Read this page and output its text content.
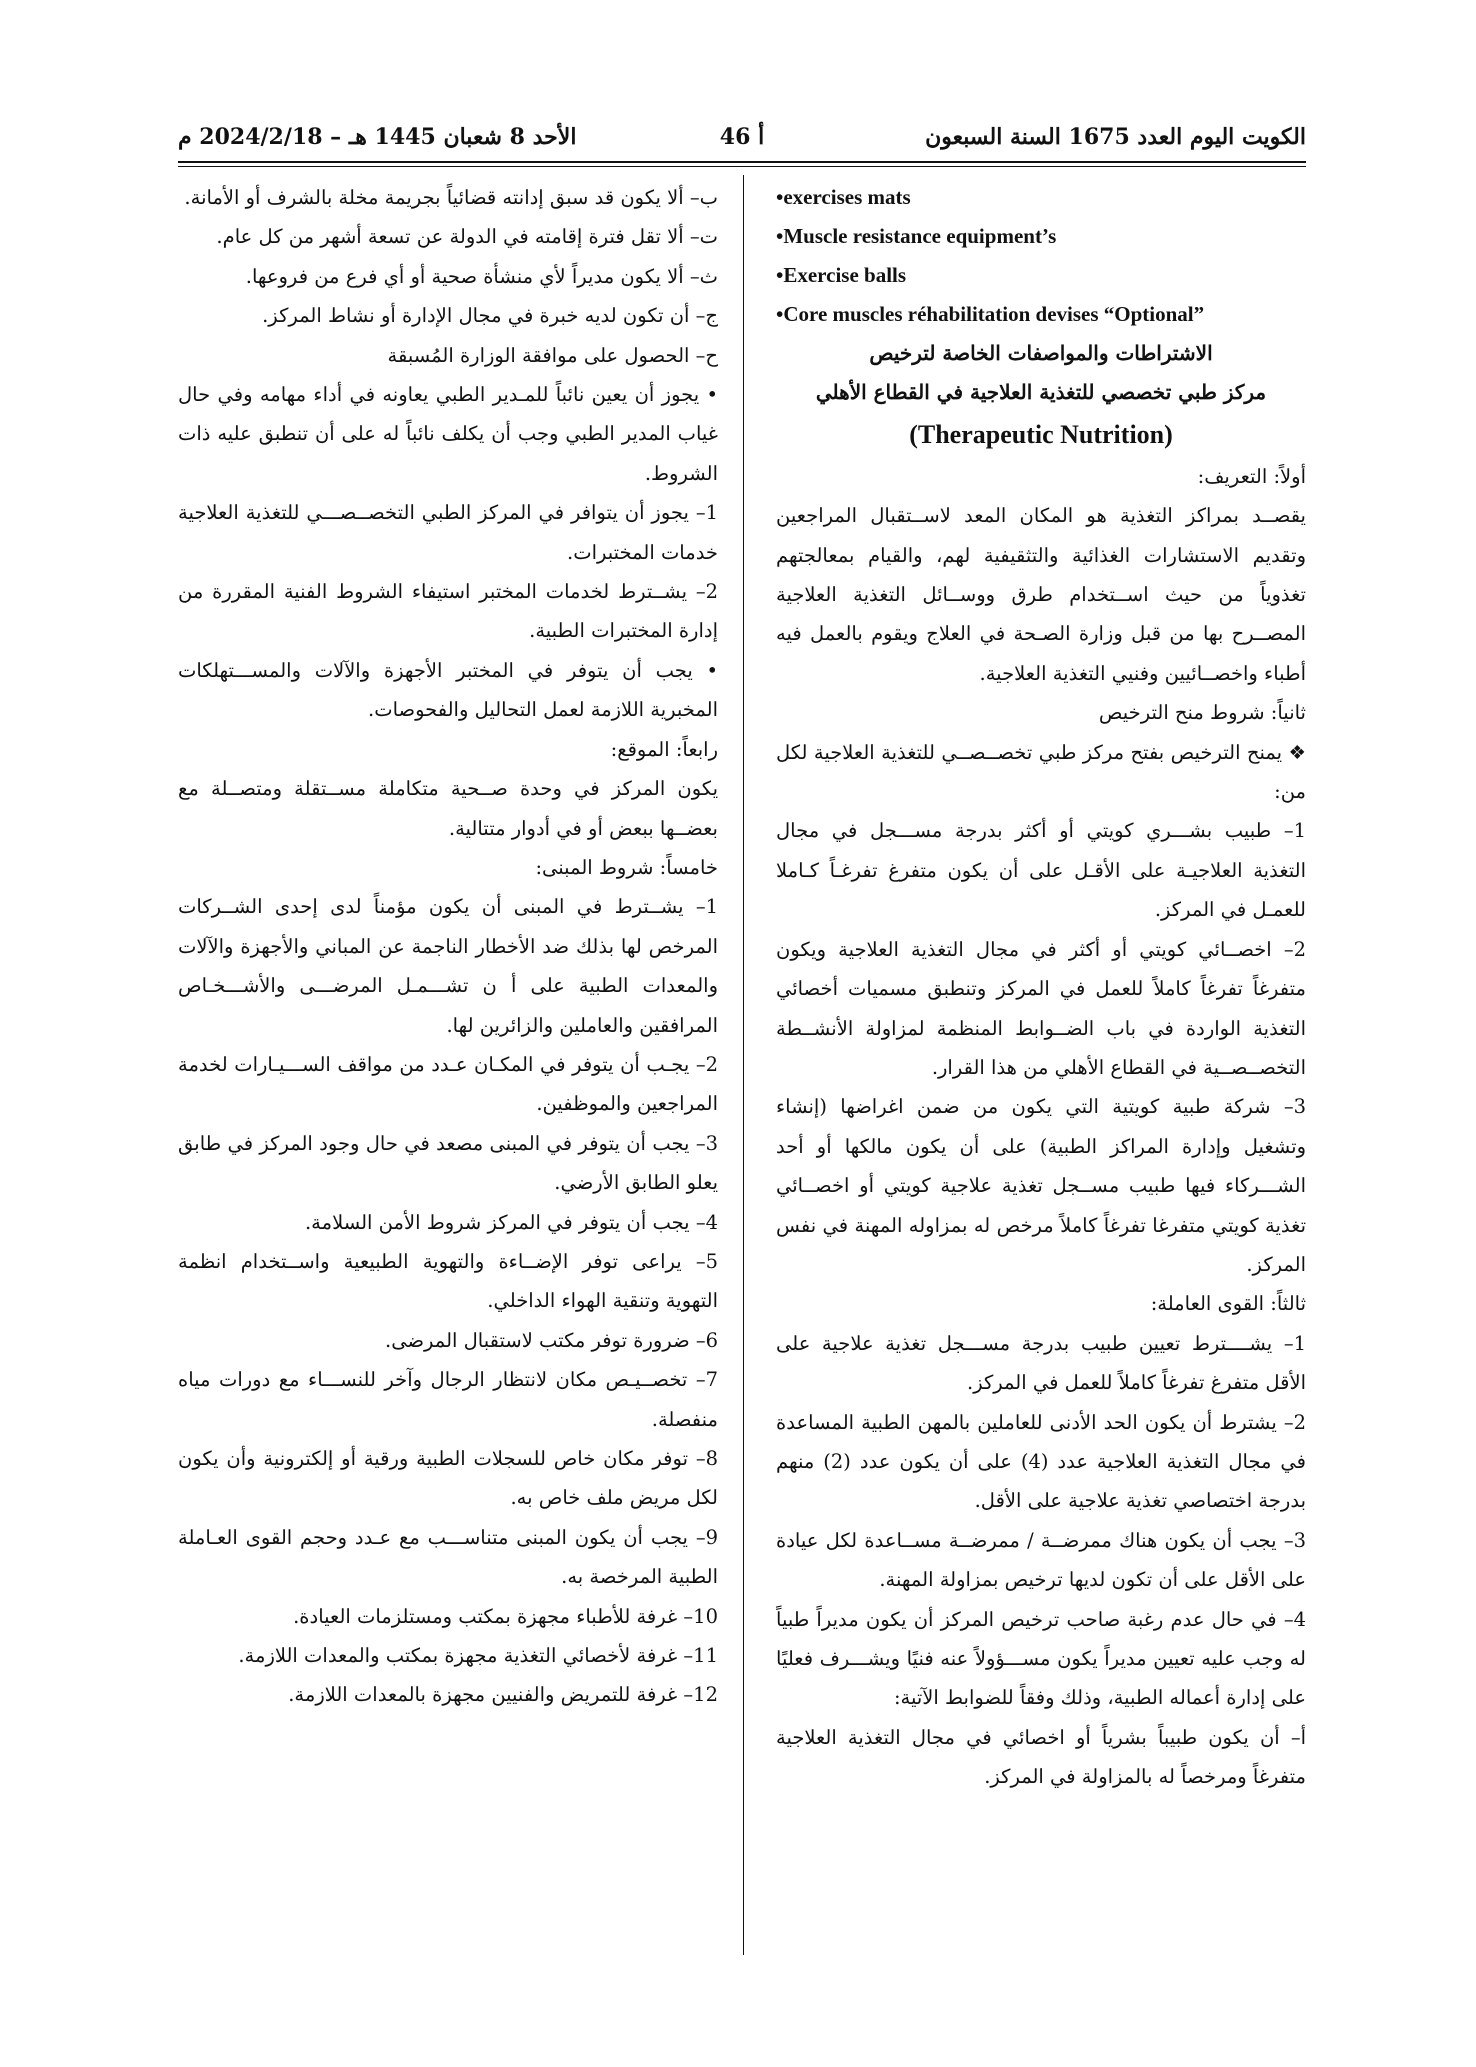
الكويت اليوم العدد 1675 السنة السبعون
أ 46
الأحد 8 شعبان 1445 هـ – 2024/2/18 م

•exercises mats

•Muscle resistance equipment’s

•Exercise balls

•Core muscles réhabilitation devises “Optional”

الاشتراطات والمواصفات الخاصة لترخيص

مركز طبي تخصصي للتغذية العلاجية في القطاع الأهلي

(Therapeutic Nutrition)

أولاً: التعريف:

يقصــد بمراكز التغذية هو المكان المعد لاســتقبال المراجعين وتقديم الاستشارات الغذائية والتثقيفية لهم، والقيام بمعالجتهم تغذوياً من حيث اســتخدام طرق ووســائل التغذية العلاجية المصــرح بها من قبل وزارة الصـحة في العلاج ويقوم بالعمل فيه أطباء واخصــائيين وفنيي التغذية العلاجية.

ثانياً: شروط منح الترخيص

❖ يمنح الترخيص بفتح مركز طبي تخصــصــي للتغذية العلاجية لكل من:

1– طبيب بشـــري كويتي أو أكثر بدرجة مســـجل في مجال التغذية العلاجيـة على الأقـل على أن يكون متفرغ تفرغـاً كـاملا للعمـل في المركز.

2– اخصــائي كويتي أو أكثر في مجال التغذية العلاجية ويكون متفرغاً تفرغاً كاملاً للعمل في المركز وتنطبق مسميات أخصائي التغذية الواردة في باب الضــوابط المنظمة لمزاولة الأنشــطة التخصــصــية في القطاع الأهلي من هذا القرار.

3– شركة طبية كويتية التي يكون من ضمن اغراضها (إنشاء وتشغيل وإدارة المراكز الطبية) على أن يكون مالكها أو أحد الشـــركاء فيها طبيب مســجل تغذية علاجية كويتي أو اخصــائي تغذية كويتي متفرغا تفرغاً كاملاً مرخص له بمزاوله المهنة في نفس المركز.

ثالثاً: القوى العاملة:

1– يشــــترط تعيين طبيب بدرجة مســـجل تغذية علاجية على الأقل متفرغ تفرغاً كاملاً للعمل في المركز.

2– يشترط أن يكون الحد الأدنى للعاملين بالمهن الطبية المساعدة في مجال التغذية العلاجية عدد (4) على أن يكون عدد (2) منهم بدرجة اختصاصي تغذية علاجية على الأقل.

3– يجب أن يكون هناك ممرضــة / ممرضــة مســاعدة لكل عيادة على الأقل على أن تكون لديها ترخيص بمزاولة المهنة.

4– في حال عدم رغبة صاحب ترخيص المركز أن يكون مديراً طبياً له وجب عليه تعيين مديراً يكون مســـؤولاً عنه فنيًا ويشـــرف فعليًا على إدارة أعماله الطبية، وذلك وفقاً للضوابط الآتية:

أ– أن يكون طبيباً بشرياً أو اخصائي في مجال التغذية العلاجية متفرغاً ومرخصاً له بالمزاولة في المركز.

ب– ألا يكون قد سبق إدانته قضائياً بجريمة مخلة بالشرف أو الأمانة.

ت– ألا تقل فترة إقامته في الدولة عن تسعة أشهر من كل عام.

ث– ألا يكون مديراً لأي منشأة صحية أو أي فرع من فروعها.

ج– أن تكون لديه خبرة في مجال الإدارة أو نشاط المركز.

ح– الحصول على موافقة الوزارة المُسبقة

• يجوز أن يعين نائباً للمـدير الطبي يعاونه في أداء مهامه وفي حال غياب المدير الطبي وجب أن يكلف نائباً له على أن تنطبق عليه ذات الشروط.

1– يجوز أن يتوافر في المركز الطبي التخصــصـــي للتغذية العلاجية خدمات المختبرات.

2– يشــترط لخدمات المختبر استيفاء الشروط الفنية المقررة من إدارة المختبرات الطبية.

• يجب أن يتوفر في المختبر الأجهزة والآلات والمســـتهلكات المخبرية اللازمة لعمل التحاليل والفحوصات.

رابعاً: الموقع:

يكون المركز في وحدة صــحية متكاملة مســتقلة ومتصــلة مع بعضــها ببعض أو في أدوار متتالية.

خامساً: شروط المبنى:

1– يشــترط في المبنى أن يكون مؤمناً لدى إحدى الشــركات المرخص لها بذلك ضد الأخطار الناجمة عن المباني والأجهزة والآلات والمعدات الطبية على أ ن تشـــمـل المرضـــى والأشـــخـاص المرافقين والعاملين والزائرين لها.

2– يجـب أن يتوفر في المكـان عـدد من مواقف الســـيـارات لخدمة المراجعين والموظفين.

3– يجب أن يتوفر في المبنى مصعد في حال وجود المركز في طابق يعلو الطابق الأرضي.

4– يجب أن يتوفر في المركز شروط الأمن السلامة.

5– يراعى توفر الإضــاءة والتهوية الطبيعية واســتخدام انظمة التهوية وتنقية الهواء الداخلي.

6– ضرورة توفر مكتب لاستقبال المرضى.

7– تخصــيـص مكان لانتظار الرجال وآخر للنســـاء مع دورات مياه منفصلة.

8– توفر مكان خاص للسجلات الطبية ورقية أو إلكترونية وأن يكون لكل مريض ملف خاص به.

9– يجب أن يكون المبنى متناســـب مع عـدد وحجم القوى العـاملة الطبية المرخصة به.

10– غرفة للأطباء مجهزة بمكتب ومستلزمات العيادة.

11– غرفة لأخصائي التغذية مجهزة بمكتب والمعدات اللازمة.

12– غرفة للتمريض والفنيين مجهزة بالمعدات اللازمة.
